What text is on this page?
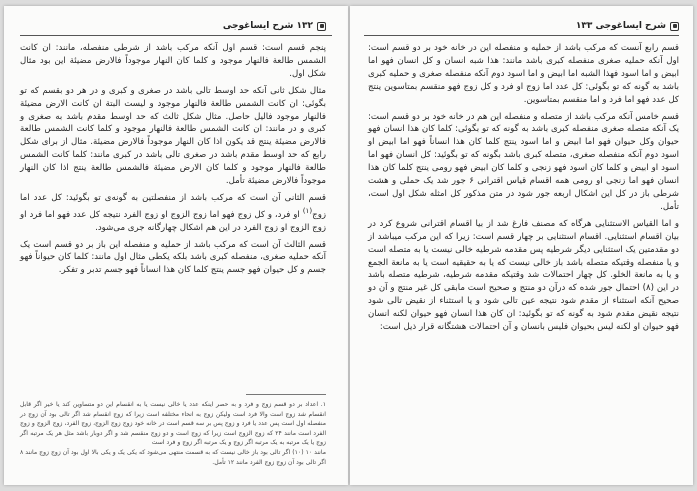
۱۳۲ شرح ایساغوجی

پنجم قسم است: قسم اول آنکه مرکب باشد از شرطی منفصله، مانند: ان کانت الشمس طالعة فالنهار موجود و کلما کان النهار موجوداً فالارض مضیئة این بود مثال شکل اول.

مثال شکل ثانی آنکه حد اوسط تالی باشد در صغری و کبری و در هر دو بقسم که تو بگوئی: ان کانت الشمس طالعة فالنهار موجود و لیست البتة ان کانت الارض مضیئة فالنهار موجود فالیل حاصل. مثال شکل ثالث که حد اوسط مقدم باشد به صغری و کبری و در مانند: ان کانت الشمس طالعة فالنهار موجود و کلما کانت الشمس طالعة فالارض مضیئة ینتج قد یکون اذا کان النهار موجوداً فالارض مضیئة. مثال از برای شکل رابع که حد اوسط مقدم باشد در صغری تالی باشد در کبری مانند: کلما کانت الشمس طالعة فالنهار موجود و کلما کان الارض مضیئة فالشمس طالعة ینتج اذا کان النهار موجوداً فالارض مضیئة تأمل.

قسم الثانی آن است که مرکب باشد از منفصلتین به گونه‌ی تو بگوئید: کل عدد اما زوج$^{(۱)}$ او فرد، و کل زوج فهو اما زوج الزوج او زوج الفرد نتیجه کل عدد فهو اما فرد او زوج الزوج او زوج الفرد در این هم اشکال چهارگانه جری می‌شود.

قسم الثالث آن است که مرکب باشد از حملیه و منفصله این باز بر دو قسم است یک آنکه حملیه صغری، منفصله کبری باشد بلکه یکطی مثال اول مانند: کلما کان حیواناً فهو جسم و کل حیوان فهو جسم ینتج کلما کان هذا انساناً فهو جسم تدبر و تفکر.

۱. اعداد بر دو قسم زوج و فرد و به حصر اینکه عدد یا خالی نیست یا به انقسام این دو متساوین کند یا خیر اگر قابل انقسام شد زوج است والا فرد است ولیکن زوج به انحاء مختلفه است زیرا که زوج انقسام شد اگر تالی بود آن زوج در منفصله اول است پس عدد یا فرد و زوج پس بر سه قسم است در خانه خود زوج زوج الزوج، زوج الفرد، زوج الزوج و زوج الفرد است مانند ۲۴ که زوج الزوج است زیرا که زوج است و دو زوج منقسم شد و اگر دوبار باشد مثل هر یک مرتبه اگر زوج یا یک مرتبه به یک مرتبه اگر زوج و یک مرتبه اگر زوج و فرد است

مانند ۱۰ (۱۰) اگر تالی بود باز خالی نیست که به قسمت منتهی می‌شود که یکی یک و یکی بالا اول بود آن زوج زوج مانند ۸ اگر تالی بود آن زوج زوج الفرد مانند ۱۲ تأمل.

شرح ایساغوجی ۱۳۳

قسم رابع آنست که مرکب باشد از حملیه و منفصله این در خانه خود بر دو قسم است: اول آنکه حملیه صغری منفصله کبری باشد مانند: هذا شبه انسان و کل انسان فهو اما ابیض و اما اسود فهذا الشبه اما ابیض و اما اسود دوم آنکه منفصله صغری و حملیه کبری باشد به گونه که تو بگوئی: کل عدد اما زوج او فرد و کل زوج فهو منقسم بمتاسوین ینتج کل عدد فهو اما فرد و اما منقسم بمتاسوین.

قسم خامس آنکه مرکب باشد از متصله و منفصله این هم در خانه خود بر دو قسم است: یک آنکه متصله صغری منفصله کبری باشد به گونه که تو بگوئی: کلما کان هذا انسان فهو حیوان وکل حیوان فهو اما ابیض و اما اسود ینتج کلما کان هذا انساناً فهو اما ابیض او اسود دوم آنکه منفصله صغری، متصله کبری باشد بگونه که تو بگوئید: کل انسان فهو اما اسود او ابیض و کلما کان اسود فهو زنجی و کلما کان ابیض فهو رومی ینتج کلما کان هذا انسان فهو اما زنجی او رومی همه اقسام قیاس اقترانی ۶ جور شد یک حملی و هشت شرطی باز در کل این اشکال اربعه جور شود در متن مذکور کل امثله شکل اول است، تأمل.

و اما القیاس الاستثنایی هرگاه که مصنف فارغ شد از بیا اقسام اقترانی شروع کرد در بیان اقسام استثنایی. اقسام استثنایی بر چهار قسم است: زیرا که این مرکب میباشد از دو مقدمتین یک استثنایی دیگر شرطیه پس مقدمه شرطیه خالی نیست یا به متصله است و یا منفصله وقتیکه متصله باشد باز خالی نیست که یا به حقیقیه است یا به مانعة الجمع و یا به مانعة الخلو. کل چهار احتمالات شد وقتیکه مقدمه شرطیه، شرطیه متصله باشد در این (۸) احتمال جور شده که درآن دو منتج و صحیح است مابقی کل غیر منتج و آن دو صحیح آنکه استثناء از مقدم شود نتیجه عین تالی شود و یا استثناء از نقیض تالی شود نتیجه نقیض مقدم شود به گونه که تو بگوئید: ان کان هذا انسان فهو حیوان لکنه انسان فهو حیوان او لکنه لیس بحیوان فلیس بانسان و آن احتمالات هشتگانه قرار ذیل است:
